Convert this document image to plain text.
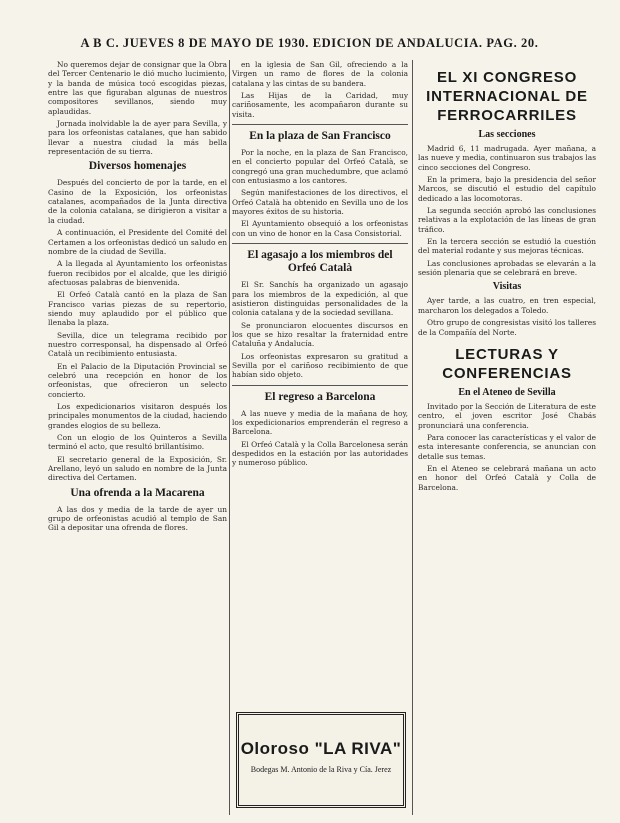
A B C. JUEVES 8 DE MAYO DE 1930. EDICION DE ANDALUCIA. PAG. 20.

No queremos dejar de consignar que la Obra del Tercer Centenario le dió mucho lucimiento, y la banda de música tocó escogidas piezas, entre las que figuraban algunas de nuestros compositores sevillanos, siendo muy aplaudidas.

Jornada inolvidable la de ayer para Sevilla, y para los orfeonistas catalanes, que han sabido llevar a nuestra ciudad la más bella representación de su tierra.

Diversos homenajes

Después del concierto de por la tarde, en el Casino de la Exposición, los orfeonistas catalanes, acompañados de la Junta directiva de la colonia catalana, se dirigieron a visitar a la ciudad.

A continuación, el Presidente del Comité del Certamen a los orfeonistas dedicó un saludo en nombre de la ciudad de Sevilla.

A la llegada al Ayuntamiento los orfeonistas fueron recibidos por el alcalde, que les dirigió afectuosas palabras de bienvenida.

El Orfeó Català cantó en la plaza de San Francisco varias piezas de su repertorio, siendo muy aplaudido por el público que llenaba la plaza.

Sevilla, dice un telegrama recibido por nuestro corresponsal, ha dispensado al Orfeó Català un recibimiento entusiasta.

En el Palacio de la Diputación Provincial se celebró una recepción en honor de los orfeonistas, que ofrecieron un selecto concierto.

Los expedicionarios visitaron después los principales monumentos de la ciudad, haciendo grandes elogios de su belleza.

Con un elogio de los Quinteros a Sevilla terminó el acto, que resultó brillantísimo.

El secretario general de la Exposición, Sr. Arellano, leyó un saludo en nombre de la Junta directiva del Certamen.

Una ofrenda a la Macarena

A las dos y media de la tarde de ayer un grupo de orfeonistas acudió al templo de San Gil a depositar una ofrenda de flores.

en la iglesia de San Gil, ofreciendo a la Virgen un ramo de flores de la colonia catalana y las cintas de su bandera.

Las Hijas de la Caridad, muy cariñosamente, les acompañaron durante su visita.

En la plaza de San Francisco

Por la noche, en la plaza de San Francisco, en el concierto popular del Orfeó Català, se congregó una gran muchedumbre, que aclamó con entusiasmo a los cantores.

Según manifestaciones de los directivos, el Orfeó Català ha obtenido en Sevilla uno de los mayores éxitos de su historia.

El Ayuntamiento obsequió a los orfeonistas con un vino de honor en la Casa Consistorial.

El agasajo a los miembros del Orfeó Català

El Sr. Sanchís ha organizado un agasajo para los miembros de la expedición, al que asistieron distinguidas personalidades de la colonia catalana y de la sociedad sevillana.

Se pronunciaron elocuentes discursos en los que se hizo resaltar la fraternidad entre Cataluña y Andalucía.

Los orfeonistas expresaron su gratitud a Sevilla por el cariñoso recibimiento de que habían sido objeto.

El regreso a Barcelona

A las nueve y media de la mañana de hoy, los expedicionarios emprenderán el regreso a Barcelona.

El Orfeó Català y la Colla Barcelonesa serán despedidos en la estación por las autoridades y numeroso público.

Oloroso "LA RIVA"
Bodegas M. Antonio de la Riva y Cía. Jerez
EL XI CONGRESO INTERNACIONAL DE FERROCARRILES
Las secciones

Madrid 6, 11 madrugada. Ayer mañana, a las nueve y media, continuaron sus trabajos las cinco secciones del Congreso.

En la primera, bajo la presidencia del señor Marcos, se discutió el estudio del capítulo dedicado a las locomotoras.

La segunda sección aprobó las conclusiones relativas a la explotación de las líneas de gran tráfico.

En la tercera sección se estudió la cuestión del material rodante y sus mejoras técnicas.

Las conclusiones aprobadas se elevarán a la sesión plenaria que se celebrará en breve.

Visitas

Ayer tarde, a las cuatro, en tren especial, marcharon los delegados a Toledo.

Otro grupo de congresistas visitó los talleres de la Compañía del Norte.

LECTURAS Y CONFERENCIAS
En el Ateneo de Sevilla

Invitado por la Sección de Literatura de este centro, el joven escritor José Chabás pronunciará una conferencia.

Para conocer las características y el valor de esta interesante conferencia, se anuncian con detalle sus temas.

En el Ateneo se celebrará mañana un acto en honor del Orfeó Català y Colla de Barcelona.
